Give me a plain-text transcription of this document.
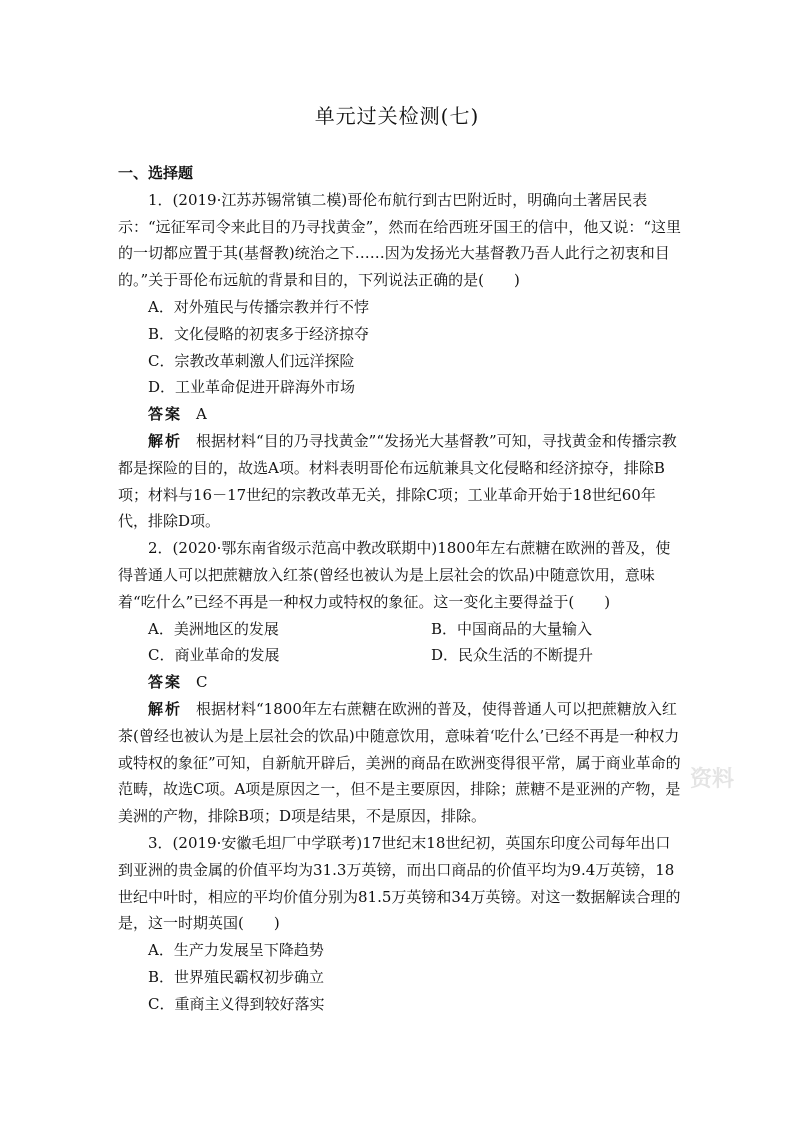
单元过关检测(七)

一、选择题

1．(2019·江苏苏锡常镇二模)哥伦布航行到古巴附近时，明确向土著居民表示：“远征军司令来此目的乃寻找黄金”，然而在给西班牙国王的信中，他又说：“这里的一切都应置于其(基督教)统治之下……因为发扬光大基督教乃吾人此行之初衷和目的。”关于哥伦布远航的背景和目的，下列说法正确的是(　　)

A．对外殖民与传播宗教并行不悖

B．文化侵略的初衷多于经济掠夺

C．宗教改革刺激人们远洋探险

D．工业革命促进开辟海外市场

答案 A

解析 根据材料“目的乃寻找黄金”“发扬光大基督教”可知，寻找黄金和传播宗教都是探险的目的，故选A项。材料表明哥伦布远航兼具文化侵略和经济掠夺，排除B项；材料与16－17世纪的宗教改革无关，排除C项；工业革命开始于18世纪60年代，排除D项。

2．(2020·鄂东南省级示范高中教改联期中)1800年左右蔗糖在欧洲的普及，使得普通人可以把蔗糖放入红茶(曾经也被认为是上层社会的饮品)中随意饮用，意味着“吃什么”已经不再是一种权力或特权的象征。这一变化主要得益于(　　)

A．美洲地区的发展	B．中国商品的大量输入
C．商业革命的发展	D．民众生活的不断提升

答案 C

解析 根据材料“1800年左右蔗糖在欧洲的普及，使得普通人可以把蔗糖放入红茶(曾经也被认为是上层社会的饮品)中随意饮用，意味着‘吃什么’已经不再是一种权力或特权的象征”可知，自新航开辟后，美洲的商品在欧洲变得很平常，属于商业革命的范畴，故选C项。A项是原因之一，但不是主要原因，排除；蔗糖不是亚洲的产物，是美洲的产物，排除B项；D项是结果，不是原因，排除。

3．(2019·安徽毛坦厂中学联考)17世纪末18世纪初，英国东印度公司每年出口到亚洲的贵金属的价值平均为31.3万英镑，而出口商品的价值平均为9.4万英镑，18世纪中叶时，相应的平均价值分别为81.5万英镑和34万英镑。对这一数据解读合理的是，这一时期英国(　　)

A．生产力发展呈下降趋势

B．世界殖民霸权初步确立

C．重商主义得到较好落实

资料
